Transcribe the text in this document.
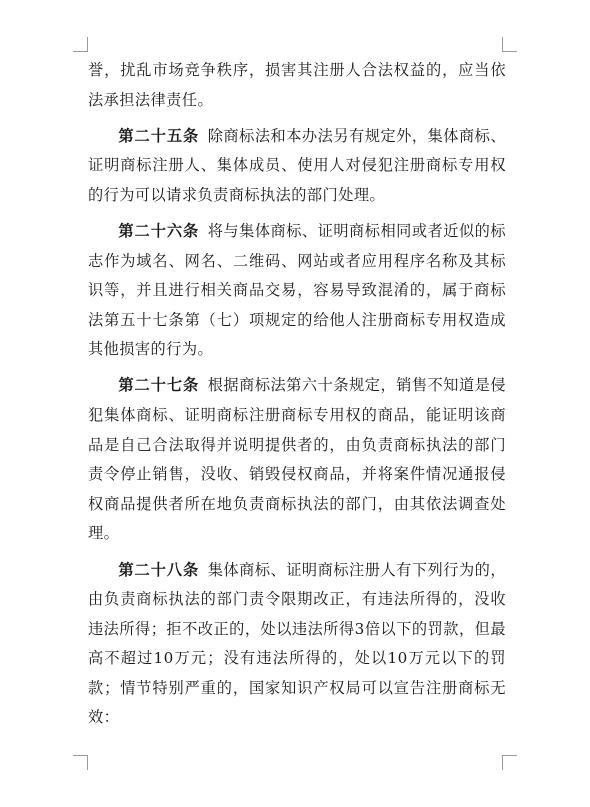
誉，扰乱市场竞争秩序，损害其注册人合法权益的，应当依法承担法律责任。

第二十五条 除商标法和本办法另有规定外，集体商标、证明商标注册人、集体成员、使用人对侵犯注册商标专用权的行为可以请求负责商标执法的部门处理。

第二十六条 将与集体商标、证明商标相同或者近似的标志作为域名、网名、二维码、网站或者应用程序名称及其标识等，并且进行相关商品交易，容易导致混淆的，属于商标法第五十七条第（七）项规定的给他人注册商标专用权造成其他损害的行为。

第二十七条 根据商标法第六十条规定，销售不知道是侵犯集体商标、证明商标注册商标专用权的商品，能证明该商品是自己合法取得并说明提供者的，由负责商标执法的部门责令停止销售，没收、销毁侵权商品，并将案件情况通报侵权商品提供者所在地负责商标执法的部门，由其依法调查处理。

第二十八条 集体商标、证明商标注册人有下列行为的，由负责商标执法的部门责令限期改正，有违法所得的，没收违法所得；拒不改正的，处以违法所得3倍以下的罚款，但最高不超过10万元；没有违法所得的，处以10万元以下的罚款；情节特别严重的，国家知识产权局可以宣告注册商标无效：
